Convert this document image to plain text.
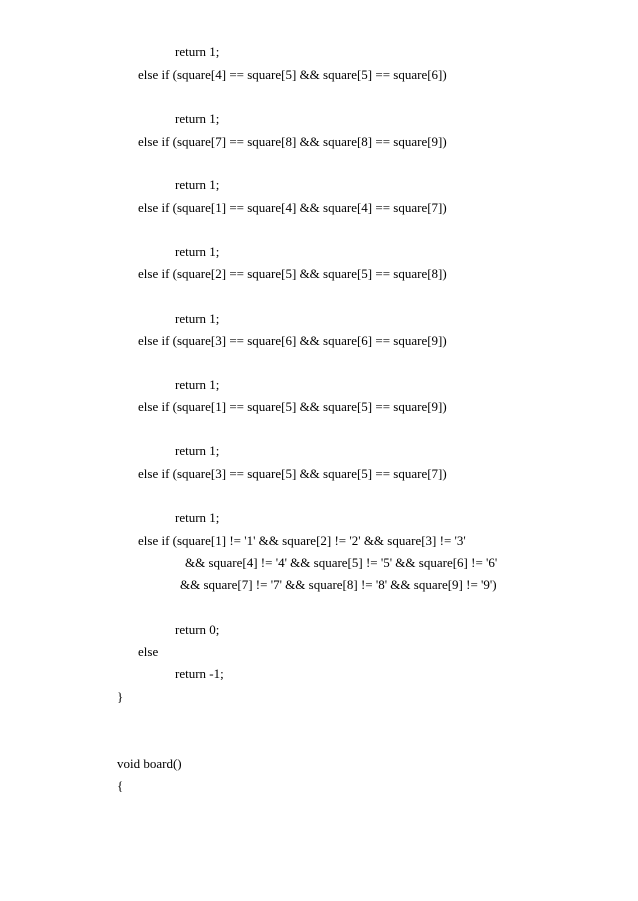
return 1;

else if (square[4] == square[5] && square[5] == square[6])

return 1;

else if (square[7] == square[8] && square[8] == square[9])

return 1;

else if (square[1] == square[4] && square[4] == square[7])

return 1;

else if (square[2] == square[5] && square[5] == square[8])

return 1;

else if (square[3] == square[6] && square[6] == square[9])

return 1;

else if (square[1] == square[5] && square[5] == square[9])

return 1;

else if (square[3] == square[5] && square[5] == square[7])

return 1;

else if (square[1] != '1' && square[2] != '2' && square[3] != '3'

&& square[4] != '4' && square[5] != '5' && square[6] != '6'

&& square[7] != '7' && square[8] != '8' && square[9] != '9')

return 0;

else

return -1;

}

void board()

{
